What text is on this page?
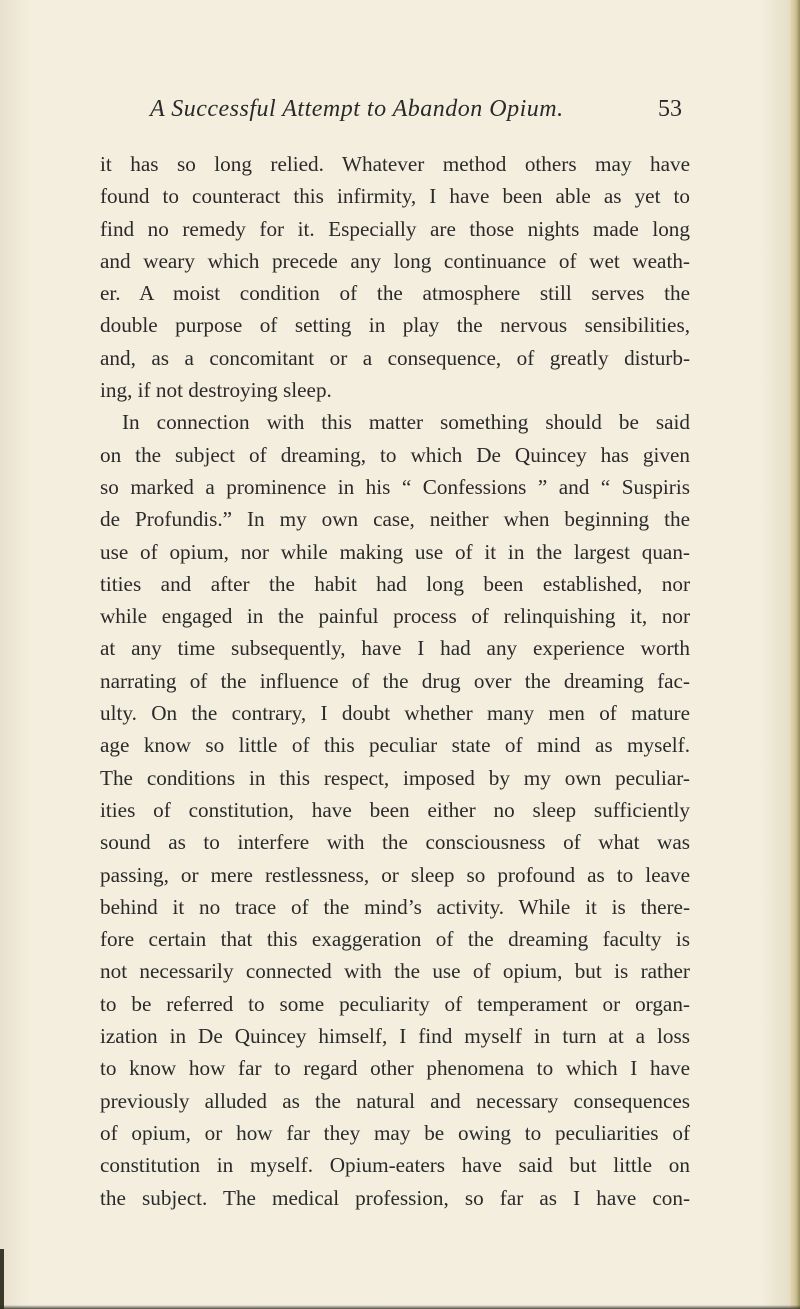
A Successful Attempt to Abandon Opium.	53
it has so long relied. Whatever method others may have
found to counteract this infirmity, I have been able as yet to
find no remedy for it. Especially are those nights made long
and weary which precede any long continuance of wet weath-
er. A moist condition of the atmosphere still serves the
double purpose of setting in play the nervous sensibilities,
and, as a concomitant or a consequence, of greatly disturb-
ing, if not destroying sleep.
In connection with this matter something should be said
on the subject of dreaming, to which De Quincey has given
so marked a prominence in his “ Confessions ” and “ Suspiris
de Profundis.” In my own case, neither when beginning the
use of opium, nor while making use of it in the largest quan-
tities and after the habit had long been established, nor
while engaged in the painful process of relinquishing it, nor
at any time subsequently, have I had any experience worth
narrating of the influence of the drug over the dreaming fac-
ulty. On the contrary, I doubt whether many men of mature
age know so little of this peculiar state of mind as myself.
The conditions in this respect, imposed by my own peculiar-
ities of constitution, have been either no sleep sufficiently
sound as to interfere with the consciousness of what was
passing, or mere restlessness, or sleep so profound as to leave
behind it no trace of the mind’s activity. While it is there-
fore certain that this exaggeration of the dreaming faculty is
not necessarily connected with the use of opium, but is rather
to be referred to some peculiarity of temperament or organ-
ization in De Quincey himself, I find myself in turn at a loss
to know how far to regard other phenomena to which I have
previously alluded as the natural and necessary consequences
of opium, or how far they may be owing to peculiarities of
constitution in myself. Opium-eaters have said but little on
the subject. The medical profession, so far as I have con-
